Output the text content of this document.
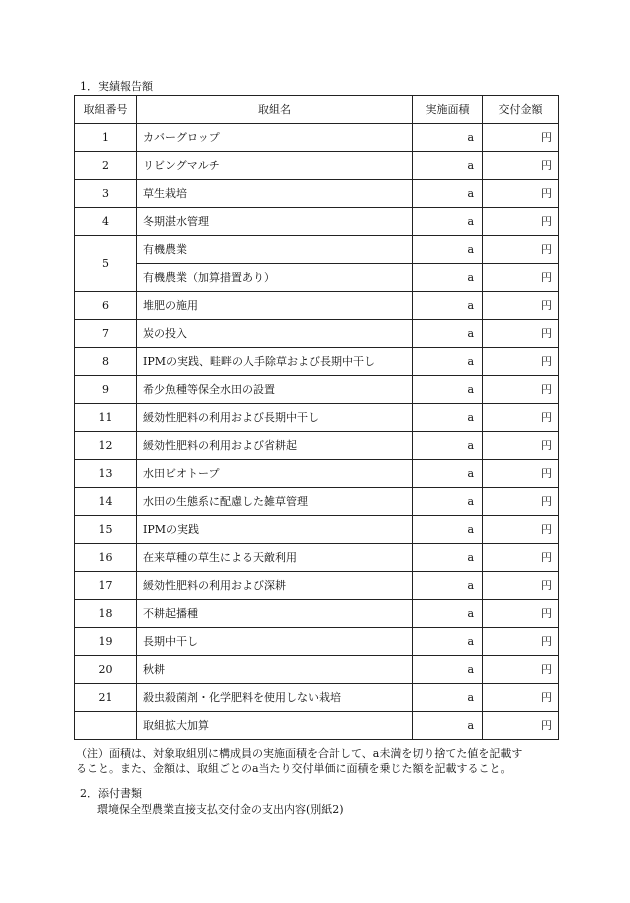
1．実績報告額
取組番号	取組名	実施面積	交付金額
1	カバーグロップ	a	円
2	リビングマルチ	a	円
3	草生栽培	a	円
4	冬期湛水管理	a	円
5	有機農業	a	円
	有機農業（加算措置あり）	a	円
6	堆肥の施用	a	円
7	炭の投入	a	円
8	IPMの実践、畦畔の人手除草および長期中干し	a	円
9	希少魚種等保全水田の設置	a	円
11	緩効性肥料の利用および長期中干し	a	円
12	緩効性肥料の利用および省耕起	a	円
13	水田ビオトープ	a	円
14	水田の生態系に配慮した雑草管理	a	円
15	IPMの実践	a	円
16	在来草種の草生による天敵利用	a	円
17	緩効性肥料の利用および深耕	a	円
18	不耕起播種	a	円
19	長期中干し	a	円
20	秋耕	a	円
21	殺虫殺菌剤・化学肥料を使用しない栽培	a	円
	取組拡大加算	a	円
（注）面積は、対象取組別に構成員の実施面積を合計して、a未満を切り捨てた値を記載す
ること。また、金額は、取組ごとのa当たり交付単価に面積を乗じた額を記載すること。
2．添付書類
環境保全型農業直接支払交付金の支出内容(別紙2)
